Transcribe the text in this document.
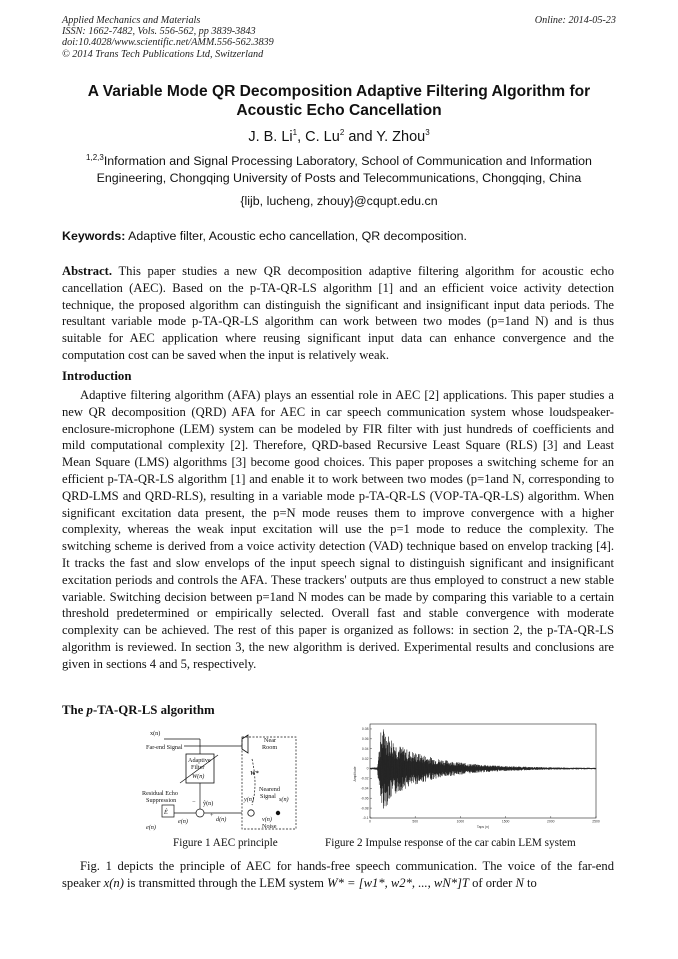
Applied Mechanics and Materials
ISSN: 1662-7482, Vols. 556-562, pp 3839-3843
doi:10.4028/www.scientific.net/AMM.556-562.3839
© 2014 Trans Tech Publications Ltd, Switzerland
Online: 2014-05-23
A Variable Mode QR Decomposition Adaptive Filtering Algorithm for Acoustic Echo Cancellation
J. B. Li$^1$, C. Lu$^2$ and Y. Zhou$^3$
$^{1,2,3}$Information and Signal Processing Laboratory, School of Communication and Information Engineering, Chongqing University of Posts and Telecommunications, Chongqing, China
{lijb, lucheng, zhouy}@cqupt.edu.cn
Keywords: Adaptive filter, Acoustic echo cancellation, QR decomposition.
Abstract. This paper studies a new QR decomposition adaptive filtering algorithm for acoustic echo cancellation (AEC). Based on the p-TA-QR-LS algorithm [1] and an efficient voice activity detection technique, the proposed algorithm can distinguish the significant and insignificant input data periods. The resultant variable mode p-TA-QR-LS algorithm can work between two modes (p=1and N) and is thus suitable for AEC application where reusing significant input data can enhance convergence and the computation cost can be saved when the input is relatively weak.
Introduction
Adaptive filtering algorithm (AFA) plays an essential role in AEC [2] applications. This paper studies a new QR decomposition (QRD) AFA for AEC in car speech communication system whose loudspeaker-enclosure-microphone (LEM) system can be modeled by FIR filter with just hundreds of coefficients and mild computational complexity [2]. Therefore, QRD-based Recursive Least Square (RLS) [3] and Least Mean Square (LMS) algorithms [3] become good choices. This paper proposes a switching scheme for an efficient p-TA-QR-LS algorithm [1] and enable it to work between two modes (p=1and N, corresponding to QRD-LMS and QRD-RLS), resulting in a variable mode p-TA-QR-LS (VOP-TA-QR-LS) algorithm. When significant excitation data present, the p=N mode reuses them to improve convergence with a higher complexity, whereas the weak input excitation will use the p=1 mode to reduce the complexity. The switching scheme is derived from a voice activity detection (VAD) technique based on envelop tracking [4]. It tracks the fast and slow envelops of the input speech signal to distinguish significant and insignificant excitation periods and controls the AFA. These trackers' outputs are thus employed to construct a new stable variable. Switching decision between p=1and N modes can be made by comparing this variable to a certain threshold predetermined or empirically selected. Overall fast and stable convergence with moderate complexity can be achieved. The rest of this paper is organized as follows: in section 2, the p-TA-QR-LS algorithm is reviewed. In section 3, the new algorithm is derived. Experimental results and conclusions are given in sections 4 and 5, respectively.
The p-TA-QR-LS algorithm
x(n)
Far-end Signal
Adaptive
Filter
W(n)
ŷ(n)
−
+
d(n)
e(n)
Ê
Residual Echo
Suppression
e(n)
Near
Room
W*
y(n)
Nearend
Signal s(n)
v(n)
Noise
Figure 1 AEC principle
0.08
0.06
0.04
0.02
0
-0.02
-0.04
-0.06
-0.08
-0.1
0	500	1000	1500	2000	2500
Amplitude
Taps (n)
Figure 2 Impulse response of the car cabin LEM system
Fig. 1 depicts the principle of AEC for hands-free speech communication. The voice of the far-end speaker x(n) is transmitted through the LEM system W* = [w1*, w2*, ..., wN*]T of order N to
